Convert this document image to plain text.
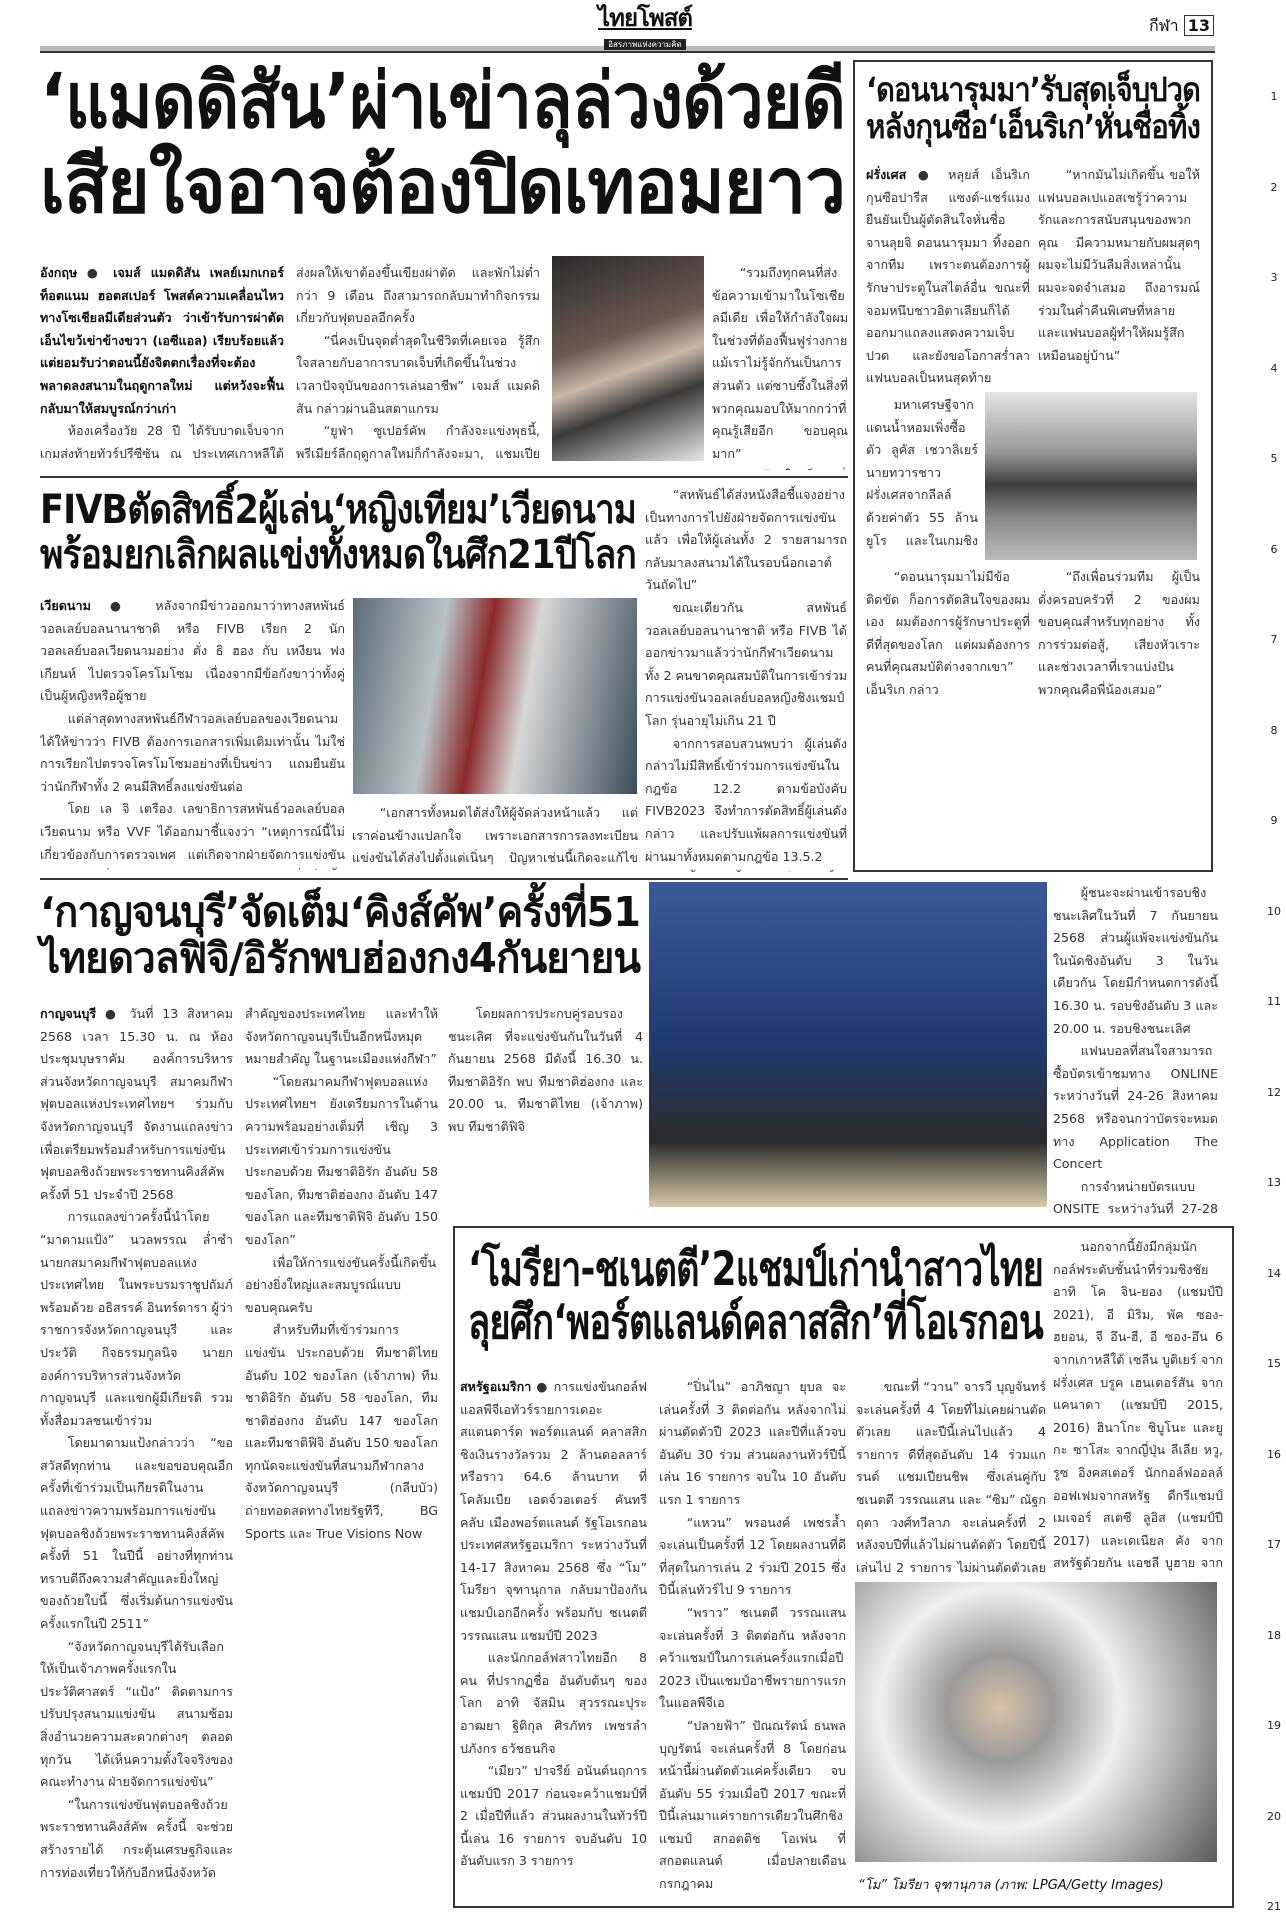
ไทยโพสต์
อิสรภาพแห่งความคิด
กีฬา 13
1
2
3
4
5
6
7
8
9
10
11
12
13
14
15
16
17
18
19
20
21
‘แมดดิสัน’ผ่าเข่าลุล่วงด้วยดี
เสียใจอาจต้องปิดเทอมยาว

อังกฤษ ● เจมส์ แมดดิสัน เพลย์เมกเกอร์ ท็อตแนม ฮอตสเปอร์ โพสต์ความเคลื่อนไหวทางโซเชียลมีเดียส่วนตัว ว่าเข้ารับการผ่าตัดเอ็นไขว้เข่าข้างขวา (เอซีแอล) เรียบร้อยแล้ว แต่ยอมรับว่าตอนนี้ยังจิตตกเรื่องที่จะต้องพลาดลงสนามในฤดูกาลใหม่ แต่หวังจะฟื้นกลับมาให้สมบูรณ์กว่าเก่า

ห้องเครื่องวัย 28 ปี ได้รับบาดเจ็บจากเกมส่งท้ายทัวร์ปรีซีซัน ณ ประเทศเกาหลีใต้ ส่งผลให้เขาต้องขึ้นเขียงผ่าตัด และพักไม่ต่ำกว่า 9 เดือน ถึงสามารถกลับมาทำกิจกรรมเกี่ยวกับฟุตบอลอีกครั้ง

“นี่คงเป็นจุดต่ำสุดในชีวิตที่เคยเจอ รู้สึกใจสลายกับอาการบาดเจ็บที่เกิดขึ้นในช่วงเวลาปัจจุบันของการเล่นอาชีพ” เจมส์ แมดดิสัน กล่าวผ่านอินสตาแกรม

“ยูฟ่า ซูเปอร์คัพ กำลังจะแข่งพุธนี้, พรีเมียร์ลีกฤดูกาลใหม่ก็กำลังจะมา, แชมเปีย

“รวมถึงทุกคนที่ส่งข้อความเข้ามาในโซเชียลมีเดีย เพื่อให้กำลังใจผมในช่วงที่ต้องฟื้นฟูร่างกาย แม้เราไม่รู้จักกันเป็นการส่วนตัว แต่ซาบซึ้งในสิ่งที่พวกคุณมอบให้มากกว่าที่คุณรู้เสียอีก ขอบคุณมาก”

‘ดอนนารุมมา’รับสุดเจ็บปวด
หลังกุนซือ‘เอ็นริเก’หั่นชื่อทิ้ง

ฝรั่งเศส ● หลุยส์ เอ็นริเก กุนซือปารีส แซงต์-แชร์แมง ยืนยันเป็นผู้ตัดสินใจหั่นชื่อ จานลุยจิ ดอนนารุมมา ทิ้งออกจากทีม เพราะตนต้องการผู้รักษาประตูในสไตล์อื่น ขณะที่จอมหนึบชาวอิตาเลียนก็ได้ออกมาแถลงแสดงความเจ็บปวด และยังขอโอกาสร่ำลาแฟนบอลเป็นหนสุดท้าย

มหาเศรษฐีจากแดนน้ำหอมเพิ่งซื้อตัว ลูคัส เชวาลิเยร์ นายทวารชาวฝรั่งเศสจากลีลล์ ด้วยค่าตัว 55 ล้านยูโร และในเกมชิง

“ดอนนารุมมาไม่มีข้อติดขัด ก็อการตัดสินใจของผมเอง ผมต้องการผู้รักษาประตูที่ดีที่สุดของโลก แต่ผมต้องการคนที่คุณสมบัติต่างจากเขา” เอ็นริเก กล่าว

“หากมันไม่เกิดขึ้น ขอให้แฟนบอลเปแอสเชรู้ว่าความรักและการสนับสนุนของพวกคุณ มีความหมายกับผมสุดๆ ผมจะไม่มีวันลืมสิ่งเหล่านั้น ผมจะจดจำเสมอ ถึงอารมณ์ร่วมในค่ำคืนพิเศษที่หลาย และแฟนบอลผู้ทำให้ผมรู้สึกเหมือนอยู่บ้าน”

“ถึงเพื่อนร่วมทีม ผู้เป็นดั่งครอบครัวที่ 2 ของผม ขอบคุณสำหรับทุกอย่าง ทั้งการร่วมต่อสู้, เสียงหัวเราะ และช่วงเวลาที่เราแบ่งปัน พวกคุณคือพี่น้องเสมอ”

FIVBตัดสิทธิ์2ผู้เล่น‘หญิงเทียม’เวียดนาม
พร้อมยกเลิกผลแข่งทั้งหมดในศึก21ปีโลก

เวียดนาม ● หลังจากมีข่าวออกมาว่าทางสหพันธ์วอลเลย์บอลนานาชาติ หรือ FIVB เรียก 2 นักวอลเลย์บอลเวียดนามอย่าง ตั่ง ธิ ฮอง กับ เหงียน ฟง เกียนห์ ไปตรวจโครโมโซม เนื่องจากมีข้อกังขาว่าทั้งคู่เป็นผู้หญิงหรือผู้ชาย

แต่ล่าสุดทางสหพันธ์กีฬาวอลเลย์บอลของเวียดนามได้ให้ข่าวว่า FIVB ต้องการเอกสารเพิ่มเติมเท่านั้น ไม่ใช่การเรียกไปตรวจโครโมโซมอย่างที่เป็นข่าว แถมยืนยันว่านักกีฬาทั้ง 2 คนมีสิทธิ์ลงแข่งขันต่อ

โดย เล จิ เตรือง เลขาธิการสหพันธ์วอลเลย์บอลเวียดนาม หรือ VVF ได้ออกมาชี้แจงว่า “เหตุการณ์นี้ไม่เกี่ยวข้องกับการตรวจเพศ แต่เกิดจากฝ่ายจัดการแข่งขัน

“เอกสารทั้งหมดได้ส่งให้ผู้จัดล่วงหน้าแล้ว แต่เราค่อนข้างแปลกใจ เพราะเอกสารการลงทะเบียนแข่งขันได้ส่งไปตั้งแต่เนิ่นๆ ปัญหาเช่นนี้เกิดจะแก้ไข

“สหพันธ์ได้ส่งหนังสือชี้แจงอย่างเป็นทางการไปยังฝ่ายจัดการแข่งขันแล้ว เพื่อให้ผู้เล่นทั้ง 2 รายสามารถกลับมาลงสนามได้ในรอบน็อกเอาต์วันถัดไป”

ขณะเดียวกัน สหพันธ์วอลเลย์บอลนานาชาติ หรือ FIVB ได้ออกข่าวมาแล้วว่านักกีฬาเวียดนามทั้ง 2 คนขาดคุณสมบัติในการเข้าร่วมการแข่งขันวอลเลย์บอลหญิงชิงแชมป์โลก รุ่นอายุไม่เกิน 21 ปี

จากการสอบสวนพบว่า ผู้เล่นดังกล่าวไม่มีสิทธิ์เข้าร่วมการแข่งขันในกฎข้อ 12.2 ตามข้อบังคับ FIVB2023 จึงทำการตัดสิทธิ์ผู้เล่นดังกล่าว และปรับแพ้ผลการแข่งขันที่ผ่านมาทั้งหมดตามกฎข้อ 13.5.2

‘กาญจนบุรี’จัดเต็ม‘คิงส์คัพ’ครั้งที่51
ไทยดวลฟิจิ/อิรักพบฮ่องกง4กันยายน

กาญจนบุรี ● วันที่ 13 สิงหาคม 2568 เวลา 15.30 น. ณ ห้องประชุมบุษราคัม องค์การบริหารส่วนจังหวัดกาญจนบุรี สมาคมกีฬาฟุตบอลแห่งประเทศไทยฯ ร่วมกับจังหวัดกาญจนบุรี จัดงานแถลงข่าวเพื่อเตรียมพร้อมสำหรับการแข่งขันฟุตบอลชิงถ้วยพระราชทานคิงส์คัพ ครั้งที่ 51 ประจำปี 2568

การแถลงข่าวครั้งนี้นำโดย “มาดามแป้ง” นวลพรรณ ล่ำซำ นายกสมาคมกีฬาฟุตบอลแห่งประเทศไทย ในพระบรมราชูปถัมภ์ พร้อมด้วย อธิสรรค์ อินทร์ดารา ผู้ว่าราชการจังหวัดกาญจนบุรี และประวัติ กิจธรรมกูลนิจ นายกองค์การบริหารส่วนจังหวัดกาญจนบุรี และแขกผู้มีเกียรติ รวมทั้งสื่อมวลชนเข้าร่วม

โดยมาดามแป้งกล่าวว่า “ขอสวัสดีทุกท่าน และขอขอบคุณอีกครั้งที่เข้าร่วมเป็นเกียรติในงานแถลงข่าวความพร้อมการแข่งขันฟุตบอลชิงถ้วยพระราชทานคิงส์คัพ ครั้งที่ 51 ในปีนี้ อย่างที่ทุกท่านทราบดีถึงความสำคัญและยิ่งใหญ่ของถ้วยใบนี้ ซึ่งเริ่มต้นการแข่งขันครั้งแรกในปี 2511”

“จังหวัดกาญจนบุรีได้รับเลือกให้เป็นเจ้าภาพครั้งแรกในประวัติศาสตร์ “แป้ง” ติดตามการปรับปรุงสนามแข่งขัน สนามซ้อม สิ่งอำนวยความสะดวกต่างๆ ตลอดทุกวัน ได้เห็นความตั้งใจจริงของคณะทำงาน ฝ่ายจัดการแข่งขัน”

“ในการแข่งขันฟุตบอลชิงถ้วยพระราชทานคิงส์คัพ ครั้งนี้ จะช่วยสร้างรายได้ กระตุ้นเศรษฐกิจและการท่องเที่ยวให้กับอีกหนึ่งจังหวัดสำคัญของประเทศไทย และทำให้จังหวัดกาญจนบุรีเป็นอีกหนึ่งหมุดหมายสำคัญ ในฐานะเมืองแห่งกีฬา”

“โดยสมาคมกีฬาฟุตบอลแห่งประเทศไทยฯ ยังเตรียมการในด้านความพร้อมอย่างเต็มที่ เชิญ 3 ประเทศเข้าร่วมการแข่งขัน ประกอบด้วย ทีมชาติอิรัก อันดับ 58 ของโลก, ทีมชาติฮ่องกง อันดับ 147 ของโลก และทีมชาติฟิจิ อันดับ 150 ของโลก”

เพื่อให้การแข่งขันครั้งนี้เกิดขึ้นอย่างยิ่งใหญ่และสมบูรณ์แบบ ขอบคุณครับ

สำหรับทีมที่เข้าร่วมการแข่งขัน ประกอบด้วย ทีมชาติไทย อันดับ 102 ของโลก (เจ้าภาพ) ทีมชาติอิรัก อันดับ 58 ของโลก, ทีมชาติฮ่องกง อันดับ 147 ของโลก และทีมชาติฟิจิ อันดับ 150 ของโลก ทุกนัดจะแข่งขันที่สนามกีฬากลางจังหวัดกาญจนบุรี (กลีบบัว) ถ่ายทอดสดทางไทยรัฐทีวี, BG Sports และ True Visions Now

โดยผลการประกบคู่รอบรองชนะเลิศ ที่จะแข่งขันกันในวันที่ 4 กันยายน 2568 มีดังนี้ 16.30 น. ทีมชาติอิรัก พบ ทีมชาติฮ่องกง และ 20.00 น. ทีมชาติไทย (เจ้าภาพ) พบ ทีมชาติฟิจิ

ผู้ชนะจะผ่านเข้ารอบชิงชนะเลิศในวันที่ 7 กันยายน 2568 ส่วนผู้แพ้จะแข่งขันกันในนัดชิงอันดับ 3 ในวันเดียวกัน โดยมีกำหนดการดังนี้ 16.30 น. รอบชิงอันดับ 3 และ 20.00 น. รอบชิงชนะเลิศ

แฟนบอลที่สนใจสามารถซื้อบัตรเข้าชมทาง ONLINE ระหว่างวันที่ 24-26 สิงหาคม 2568 หรือจนกว่าบัตรจะหมด ทาง Application The Concert

การจำหน่ายบัตรแบบ ONSITE ระหว่างวันที่ 27-28

‘โมรียา-ชเนตตี’2แชมป์เก่านำสาวไทย
ลุยศึก‘พอร์ตแลนด์คลาสสิก’ที่โอเรกอน

นอกจากนี้ยังมีกลุ่มนักกอล์ฟระดับชั้นนำที่ร่วมชิงชัยอาทิ โค จิน-ยอง (แชมป์ปี 2021), อี มิริม, พัค ซอง-ฮยอน, จี อึน-ฮี, อี ซอง-อึน 6 จากเกาหลีใต้ เซลีน บูติเยร์ จากฝรั่งเศส บรูค เฮนเดอร์สัน จากแคนาดา (แชมป์ปี 2015, 2016) ฮินาโกะ ชิบูโนะ และยูกะ ซาโสะ จากญี่ปุ่น ลีเลีย หวู, รูซ อิงคสเตอร์ นักกอล์ฟออลล์ออฟเฟมจากสหรัฐ ดีกรีแชมป์เมเจอร์ สเตซี ลูอิส (แชมป์ปี 2017) และเดเนียล คัง จากสหรัฐด้วยกัน แอชลี บูฮาย จาก

สหรัฐอเมริกา ● การแข่งขันกอล์ฟแอลพีจีเอทัวร์รายการเดอะ สแตนดาร์ด พอร์ตแลนด์ คลาสสิก ชิงเงินรางวัลรวม 2 ล้านดอลลาร์ หรือราว 64.6 ล้านบาท ที่โคลัมเบีย เอดจ์วอเตอร์ คันทรี คลับ เมืองพอร์ตแลนด์ รัฐโอเรกอน ประเทศสหรัฐอเมริกา ระหว่างวันที่ 14-17 สิงหาคม 2568 ซึ่ง “โม” โมรียา จุฑานุกาล กลับมาป้องกันแชมป์เอกอีกครั้ง พร้อมกับ ชเนตตี วรรณแสน แชมป์ปี 2023

และนักกอล์ฟสาวไทยอีก 8 คน ที่ปรากฏชื่อ อันดับต้นๆ ของโลก อาทิ จัสมิน สุวรรณะปุระ อาฒยา ฐิติกุล ศิรภัทร เพชรลำ ปภังกร ธวัชธนกิจ

“เมียว” ปาจรีย์ อนันต์นฤการ แชมป์ปี 2017 ก่อนจะคว้าแชมป์ที่ 2 เมื่อปีที่แล้ว ส่วนผลงานในทัวร์ปีนี้เล่น 16 รายการ จบอันดับ 10 อันดับแรก 3 รายการ

“ปิ่นไน” อาภิชญา ยุบล จะเล่นครั้งที่ 3 ติดต่อกัน หลังจากไม่ผ่านตัดตัวปี 2023 และปีที่แล้วจบอันดับ 30 ร่วม ส่วนผลงานทัวร์ปีนี้เล่น 16 รายการ จบใน 10 อันดับแรก 1 รายการ

“แหวน” พรอนงค์ เพชรล้ำ จะเล่นเป็นครั้งที่ 12 โดยผลงานที่ดีที่สุดในการเล่น 2 ร่วมปี 2015 ซึ่งปีนี้เล่นทัวร์ไป 9 รายการ

“พราว” ชเนตตี วรรณแสน จะเล่นครั้งที่ 3 ติดต่อกัน หลังจากคว้าแชมป์ในการเล่นครั้งแรกเมื่อปี 2023 เป็นแชมป์อาชีพรายการแรกในแอลพีจีเอ

“ปลายฟ้า” ปัณณรัตน์ ธนพลบุญรัตน์ จะเล่นครั้งที่ 8 โดยก่อนหน้านี้ผ่านตัดตัวแค่ครั้งเดียว จบอันดับ 55 ร่วมเมื่อปี 2017 ขณะที่ปีนี้เล่นมาแค่รายการเดียวในศึกชิงแชมป์ สกอตติช โอเพ่น ที่สกอตแลนด์ เมื่อปลายเดือนกรกฎาคม

ขณะที่ “วาน” จารวี บุญจันทร์ จะเล่นครั้งที่ 4 โดยที่ไม่เคยผ่านตัดตัวเลย และปีนี้เล่นไปแล้ว 4 รายการ ดีที่สุดอันดับ 14 ร่วมแกรนด์ แชมเปียนชิพ ซึ่งเล่นคู่กับ ชเนตตี วรรณแสน และ “ซิม” ณัฐกฤตา วงศ์ทวีลาภ จะเล่นครั้งที่ 2 หลังจบปีที่แล้วไม่ผ่านตัดตัว โดยปีนี้เล่นไป 2 รายการ ไม่ผ่านตัดตัวเลย

“โม” โมรียา จุฑานุกาล (ภาพ: LPGA/Getty Images)
